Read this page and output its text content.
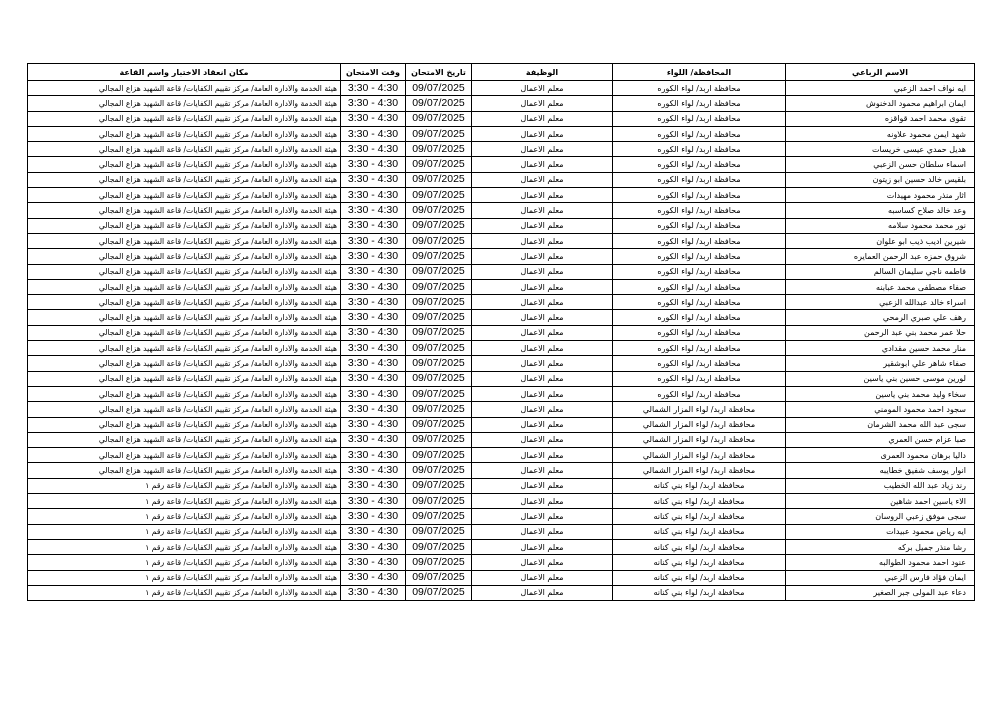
مكان انعقاد الاختبار واسم القاعة	وقت الامتحان	تاريخ الامتحان	الوظيفة	المحافظة/ اللواء	الاسم الرباعي
هيئة الخدمة والادارة العامة/ مركز تقييم الكفايات/ قاعة الشهيد هزاع المجالي	3:30 - 4:30	09/07/2025	معلم الاعمال	محافظة اربد/ لواء الكوره	ايه نواف احمد الزعبي
هيئة الخدمة والادارة العامة/ مركز تقييم الكفايات/ قاعة الشهيد هزاع المجالي	3:30 - 4:30	09/07/2025	معلم الاعمال	محافظة اربد/ لواء الكوره	ايمان ابراهيم محمود الدخنوش
هيئة الخدمة والادارة العامة/ مركز تقييم الكفايات/ قاعة الشهيد هزاع المجالي	3:30 - 4:30	09/07/2025	معلم الاعمال	محافظة اربد/ لواء الكوره	تقوى محمد احمد قواقزه
هيئة الخدمة والادارة العامة/ مركز تقييم الكفايات/ قاعة الشهيد هزاع المجالي	3:30 - 4:30	09/07/2025	معلم الاعمال	محافظة اربد/ لواء الكوره	شهد ايمن محمود علاونه
هيئة الخدمة والادارة العامة/ مركز تقييم الكفايات/ قاعة الشهيد هزاع المجالي	3:30 - 4:30	09/07/2025	معلم الاعمال	محافظة اربد/ لواء الكوره	هديل حمدي عيسى خريسات
هيئة الخدمة والادارة العامة/ مركز تقييم الكفايات/ قاعة الشهيد هزاع المجالي	3:30 - 4:30	09/07/2025	معلم الاعمال	محافظة اربد/ لواء الكوره	اسماء سلطان حسن الزعبي
هيئة الخدمة والادارة العامة/ مركز تقييم الكفايات/ قاعة الشهيد هزاع المجالي	3:30 - 4:30	09/07/2025	معلم الاعمال	محافظة اربد/ لواء الكوره	بلقيس خالد حسين ابو زيتون
هيئة الخدمة والادارة العامة/ مركز تقييم الكفايات/ قاعة الشهيد هزاع المجالي	3:30 - 4:30	09/07/2025	معلم الاعمال	محافظة اربد/ لواء الكوره	اثار منذر محمود مهيدات
هيئة الخدمة والادارة العامة/ مركز تقييم الكفايات/ قاعة الشهيد هزاع المجالي	3:30 - 4:30	09/07/2025	معلم الاعمال	محافظة اربد/ لواء الكوره	وعد خالد صلاح كساسبه
هيئة الخدمة والادارة العامة/ مركز تقييم الكفايات/ قاعة الشهيد هزاع المجالي	3:30 - 4:30	09/07/2025	معلم الاعمال	محافظة اربد/ لواء الكوره	نور محمد محمود سلامه
هيئة الخدمة والادارة العامة/ مركز تقييم الكفايات/ قاعة الشهيد هزاع المجالي	3:30 - 4:30	09/07/2025	معلم الاعمال	محافظة اربد/ لواء الكوره	شيرين اديب ذيب ابو علوان
هيئة الخدمة والادارة العامة/ مركز تقييم الكفايات/ قاعة الشهيد هزاع المجالي	3:30 - 4:30	09/07/2025	معلم الاعمال	محافظة اربد/ لواء الكوره	شروق حمزه عبد الرحمن العمايره
هيئة الخدمة والادارة العامة/ مركز تقييم الكفايات/ قاعة الشهيد هزاع المجالي	3:30 - 4:30	09/07/2025	معلم الاعمال	محافظة اربد/ لواء الكوره	فاطمه ناجي سليمان السالم
هيئة الخدمة والادارة العامة/ مركز تقييم الكفايات/ قاعة الشهيد هزاع المجالي	3:30 - 4:30	09/07/2025	معلم الاعمال	محافظة اربد/ لواء الكوره	صفاء مصطفى محمد عبابنه
هيئة الخدمة والادارة العامة/ مركز تقييم الكفايات/ قاعة الشهيد هزاع المجالي	3:30 - 4:30	09/07/2025	معلم الاعمال	محافظة اربد/ لواء الكوره	اسراء خالد عبدالله الزعبي
هيئة الخدمة والادارة العامة/ مركز تقييم الكفايات/ قاعة الشهيد هزاع المجالي	3:30 - 4:30	09/07/2025	معلم الاعمال	محافظة اربد/ لواء الكوره	رهف علي صبري الرمحي
هيئة الخدمة والادارة العامة/ مركز تقييم الكفايات/ قاعة الشهيد هزاع المجالي	3:30 - 4:30	09/07/2025	معلم الاعمال	محافظة اربد/ لواء الكوره	حلا عمر محمد بني عبد الرحمن
هيئة الخدمة والادارة العامة/ مركز تقييم الكفايات/ قاعة الشهيد هزاع المجالي	3:30 - 4:30	09/07/2025	معلم الاعمال	محافظة اربد/ لواء الكوره	منار محمد حسين مقدادي
هيئة الخدمة والادارة العامة/ مركز تقييم الكفايات/ قاعة الشهيد هزاع المجالي	3:30 - 4:30	09/07/2025	معلم الاعمال	محافظة اربد/ لواء الكوره	صفاء شاهر علي ابوشقير
هيئة الخدمة والادارة العامة/ مركز تقييم الكفايات/ قاعة الشهيد هزاع المجالي	3:30 - 4:30	09/07/2025	معلم الاعمال	محافظة اربد/ لواء الكوره	لورين موسى حسين بني ياسين
هيئة الخدمة والادارة العامة/ مركز تقييم الكفايات/ قاعة الشهيد هزاع المجالي	3:30 - 4:30	09/07/2025	معلم الاعمال	محافظة اربد/ لواء الكوره	سخاء وليد محمد بني ياسين
هيئة الخدمة والادارة العامة/ مركز تقييم الكفايات/ قاعة الشهيد هزاع المجالي	3:30 - 4:30	09/07/2025	معلم الاعمال	محافظة اربد/ لواء المزار الشمالي	سجود احمد محمود المومني
هيئة الخدمة والادارة العامة/ مركز تقييم الكفايات/ قاعة الشهيد هزاع المجالي	3:30 - 4:30	09/07/2025	معلم الاعمال	محافظة اربد/ لواء المزار الشمالي	سجى عبد الله محمد الشرمان
هيئة الخدمة والادارة العامة/ مركز تقييم الكفايات/ قاعة الشهيد هزاع المجالي	3:30 - 4:30	09/07/2025	معلم الاعمال	محافظة اربد/ لواء المزار الشمالي	صبا عزام حسن العمري
هيئة الخدمة والادارة العامة/ مركز تقييم الكفايات/ قاعة الشهيد هزاع المجالي	3:30 - 4:30	09/07/2025	معلم الاعمال	محافظة اربد/ لواء المزار الشمالي	داليا برهان محمود العمرى
هيئة الخدمة والادارة العامة/ مركز تقييم الكفايات/ قاعة الشهيد هزاع المجالي	3:30 - 4:30	09/07/2025	معلم الاعمال	محافظة اربد/ لواء المزار الشمالي	انوار يوسف شفيق خطايبه
هيئة الخدمة والادارة العامة/ مركز تقييم الكفايات/ قاعة رقم ١	3:30 - 4:30	09/07/2025	معلم الاعمال	محافظة اربد/ لواء بني كنانه	رند زياد عبد الله الخطيب
هيئة الخدمة والادارة العامة/ مركز تقييم الكفايات/ قاعة رقم ١	3:30 - 4:30	09/07/2025	معلم الاعمال	محافظة اربد/ لواء بني كنانه	الاء ياسين احمد شاهين
هيئة الخدمة والادارة العامة/ مركز تقييم الكفايات/ قاعة رقم ١	3:30 - 4:30	09/07/2025	معلم الاعمال	محافظة اربد/ لواء بني كنانه	سجى موفق زعبي الروسان
هيئة الخدمة والادارة العامة/ مركز تقييم الكفايات/ قاعة رقم ١	3:30 - 4:30	09/07/2025	معلم الاعمال	محافظة اربد/ لواء بني كنانه	ايه رياض محمود عبيدات
هيئة الخدمة والادارة العامة/ مركز تقييم الكفايات/ قاعة رقم ١	3:30 - 4:30	09/07/2025	معلم الاعمال	محافظة اربد/ لواء بني كنانه	رشا منذر جميل بركه
هيئة الخدمة والادارة العامة/ مركز تقييم الكفايات/ قاعة رقم ١	3:30 - 4:30	09/07/2025	معلم الاعمال	محافظة اربد/ لواء بني كنانه	عنود احمد محمود الطوالبه
هيئة الخدمة والادارة العامة/ مركز تقييم الكفايات/ قاعة رقم ١	3:30 - 4:30	09/07/2025	معلم الاعمال	محافظة اربد/ لواء بني كنانه	ايمان فؤاد فارس الزعبي
هيئة الخدمة والادارة العامة/ مركز تقييم الكفايات/ قاعة رقم ١	3:30 - 4:30	09/07/2025	معلم الاعمال	محافظة اربد/ لواء بني كنانه	دعاء عبد المولى جبر الصغير
